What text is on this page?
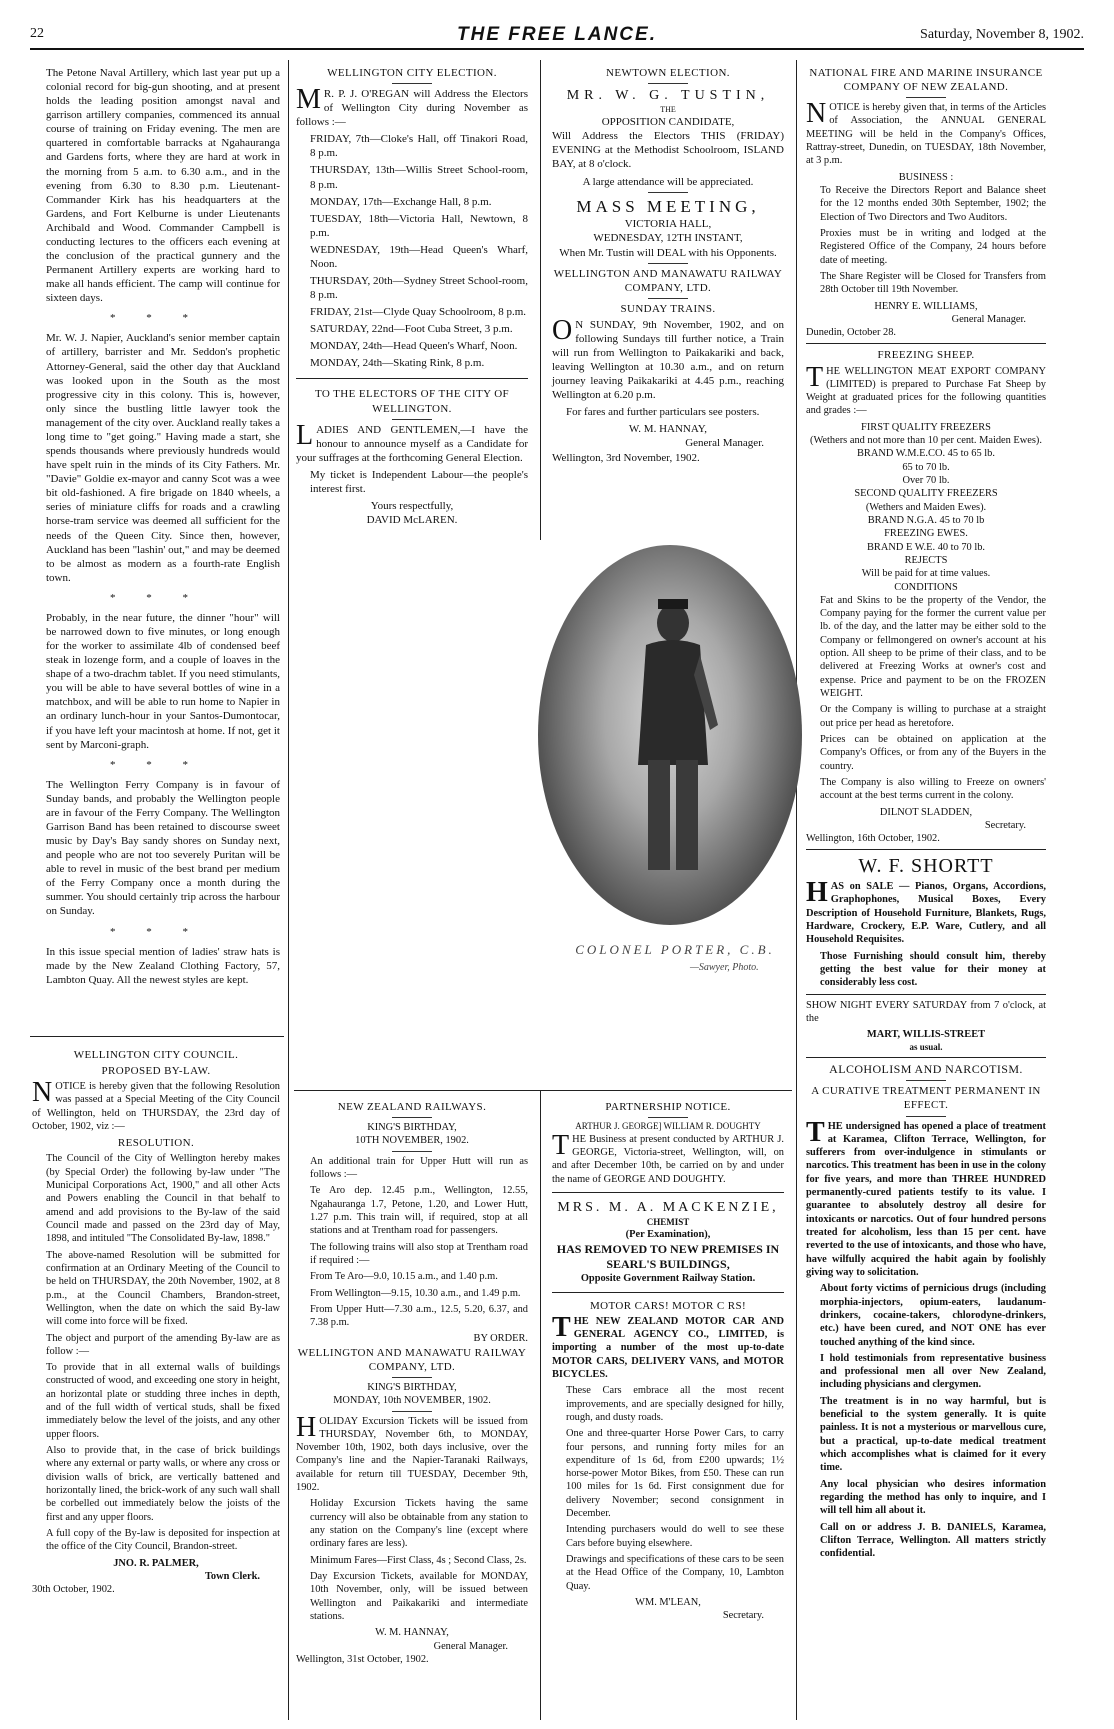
22	THE FREE LANCE.	Saturday, November 8, 1902.

The Petone Naval Artillery, which last year put up a colonial record for big-gun shooting, and at present holds the leading position amongst naval and garrison artillery companies, commenced its annual course of training on Friday evening. The men are quartered in comfortable barracks at Ngahauranga and Gardens forts, where they are hard at work in the morning from 5 a.m. to 6.30 a.m., and in the evening from 6.30 to 8.30 p.m. Lieutenant-Commander Kirk has his headquarters at the Gardens, and Fort Kelburne is under Lieutenants Archibald and Wood. Commander Campbell is conducting lectures to the officers each evening at the conclusion of the practical gunnery and the Permanent Artillery experts are working hard to make all hands efficient. The camp will continue for sixteen days.

* * *

Mr. W. J. Napier, Auckland's senior member captain of artillery, barrister and Mr. Seddon's prophetic Attorney-General, said the other day that Auckland was looked upon in the South as the most progressive city in this colony. This is, however, only since the bustling little lawyer took the management of the city over. Auckland really takes a long time to "get going." Having made a start, she spends thousands where previously hundreds would have spelt ruin in the minds of its City Fathers. Mr. "Davie" Goldie ex-mayor and canny Scot was a wee bit old-fashioned. A fire brigade on 1840 wheels, a series of miniature cliffs for roads and a crawling horse-tram service was deemed all sufficient for the needs of the Queen City. Since then, however, Auckland has been "lashin' out," and may be deemed to be almost as modern as a fourth-rate English town.

* * *

Probably, in the near future, the dinner "hour" will be narrowed down to five minutes, or long enough for the worker to assimilate 4lb of condensed beef steak in lozenge form, and a couple of loaves in the shape of a two-drachm tablet. If you need stimulants, you will be able to have several bottles of wine in a matchbox, and will be able to run home to Napier in an ordinary lunch-hour in your Santos-Dumontocar, if you have left your macintosh at home. If not, get it sent by Marconi-graph.

* * *

The Wellington Ferry Company is in favour of Sunday bands, and probably the Wellington people are in favour of the Ferry Company. The Wellington Garrison Band has been retained to discourse sweet music by Day's Bay sandy shores on Sunday next, and people who are not too severely Puritan will be able to revel in music of the best brand per medium of the Ferry Company once a month during the summer. You should certainly trip across the harbour on Sunday.

* * *

In this issue special mention of ladies' straw hats is made by the New Zealand Clothing Factory, 57, Lambton Quay. All the newest styles are kept.

WELLINGTON CITY COUNCIL.
PROPOSED BY-LAW.

NOTICE is hereby given that the following Resolution was passed at a Special Meeting of the City Council of Wellington, held on THURSDAY, the 23rd day of October, 1902, viz :—

RESOLUTION.

The Council of the City of Wellington hereby makes (by Special Order) the following by-law under "The Municipal Corporations Act, 1900," and all other Acts and Powers enabling the Council in that behalf to amend and add provisions to the By-law of the said Council made and passed on the 23rd day of May, 1898, and intituled "The Consolidated By-law, 1898."

The above-named Resolution will be submitted for confirmation at an Ordinary Meeting of the Council to be held on THURSDAY, the 20th November, 1902, at 8 p.m., at the Council Chambers, Brandon-street, Wellington, when the date on which the said By-law will come into force will be fixed.

The object and purport of the amending By-law are as follow :—

To provide that in all external walls of buildings constructed of wood, and exceeding one story in height, an horizontal plate or studding three inches in depth, and of the full width of vertical studs, shall be fixed immediately below the level of the joists, and any other upper floors.

Also to provide that, in the case of brick buildings where any external or party walls, or where any cross or division walls of brick, are vertically battened and horizontally lined, the brick-work of any such wall shall be corbelled out immediately below the joists of the first and any upper floors.

A full copy of the By-law is deposited for inspection at the office of the City Council, Brandon-street.

JNO. R. PALMER,
Town Clerk.
30th October, 1902.
WELLINGTON CITY ELECTION.

MR. P. J. O'REGAN will Address the Electors of Wellington City during November as follows :—

FRIDAY, 7th—Cloke's Hall, off Tinakori Road, 8 p.m.

THURSDAY, 13th—Willis Street School-room, 8 p.m.

MONDAY, 17th—Exchange Hall, 8 p.m.

TUESDAY, 18th—Victoria Hall, Newtown, 8 p.m.

WEDNESDAY, 19th—Head Queen's Wharf, Noon.

THURSDAY, 20th—Sydney Street School-room, 8 p.m.

FRIDAY, 21st—Clyde Quay Schoolroom, 8 p.m.

SATURDAY, 22nd—Foot Cuba Street, 3 p.m.

MONDAY, 24th—Head Queen's Wharf, Noon.

MONDAY, 24th—Skating Rink, 8 p.m.

TO THE ELECTORS OF THE CITY OF WELLINGTON.

LADIES AND GENTLEMEN,—I have the honour to announce myself as a Candidate for your suffrages at the forthcoming General Election.

My ticket is Independent Labour—the people's interest first.

Yours respectfully,
DAVID McLAREN.
NEWTOWN ELECTION.
MR. W. G. TUSTIN,
THE
OPPOSITION CANDIDATE,

Will Address the Electors THIS (FRIDAY) EVENING at the Methodist Schoolroom, ISLAND BAY, at 8 o'clock.

A large attendance will be appreciated.

MASS MEETING,
VICTORIA HALL,
WEDNESDAY, 12TH INSTANT,
When Mr. Tustin will DEAL with his Opponents.
WELLINGTON AND MANAWATU RAILWAY COMPANY, LTD.
SUNDAY TRAINS.

ON SUNDAY, 9th November, 1902, and on following Sundays till further notice, a Train will run from Wellington to Paikakariki and back, leaving Wellington at 10.30 a.m., and on return journey leaving Paikakariki at 4.45 p.m., reaching Wellington at 6.20 p.m.

For fares and further particulars see posters.

W. M. HANNAY,
General Manager.
Wellington, 3rd November, 1902.
COLONEL PORTER, C.B.
—Sawyer, Photo.
NEW ZEALAND RAILWAYS.
KING'S BIRTHDAY,
10TH NOVEMBER, 1902.

An additional train for Upper Hutt will run as follows :—

Te Aro dep. 12.45 p.m., Wellington, 12.55, Ngahauranga 1.7, Petone, 1.20, and Lower Hutt, 1.27 p.m. This train will, if required, stop at all stations and at Trentham road for passengers.

The following trains will also stop at Trentham road if required :—

From Te Aro—9.0, 10.15 a.m., and 1.40 p.m.

From Wellington—9.15, 10.30 a.m., and 1.49 p.m.

From Upper Hutt—7.30 a.m., 12.5, 5.20, 6.37, and 7.38 p.m.

BY ORDER.
WELLINGTON AND MANAWATU RAILWAY COMPANY, LTD.
KING'S BIRTHDAY,
MONDAY, 10th NOVEMBER, 1902.

HOLIDAY Excursion Tickets will be issued from THURSDAY, November 6th, to MONDAY, November 10th, 1902, both days inclusive, over the Company's line and the Napier-Taranaki Railways, available for return till TUESDAY, December 9th, 1902.

Holiday Excursion Tickets having the same currency will also be obtainable from any station to any station on the Company's line (except where ordinary fares are less).

Minimum Fares—First Class, 4s ; Second Class, 2s.

Day Excursion Tickets, available for MONDAY, 10th November, only, will be issued between Wellington and Paikakariki and intermediate stations.

W. M. HANNAY,
General Manager.
Wellington, 31st October, 1902.
PARTNERSHIP NOTICE.
ARTHUR J. GEORGE] WILLIAM R. DOUGHTY

THE Business at present conducted by ARTHUR J. GEORGE, Victoria-street, Wellington, will, on and after December 10th, be carried on by and under the name of GEORGE AND DOUGHTY.

MRS. M. A. MACKENZIE,
CHEMIST
(Per Examination),
HAS REMOVED TO NEW PREMISES IN SEARL'S BUILDINGS,
Opposite Government Railway Station.
MOTOR CARS! MOTOR C RS!

THE NEW ZEALAND MOTOR CAR AND GENERAL AGENCY CO., LIMITED, is importing a number of the most up-to-date MOTOR CARS, DELIVERY VANS, and MOTOR BICYCLES.

These Cars embrace all the most recent improvements, and are specially designed for hilly, rough, and dusty roads.

One and three-quarter Horse Power Cars, to carry four persons, and running forty miles for an expenditure of 1s 6d, from £200 upwards; 1½ horse-power Motor Bikes, from £50. These can run 100 miles for 1s 6d. First consignment due for delivery November; second consignment in December.

Intending purchasers would do well to see these Cars before buying elsewhere.

Drawings and specifications of these cars to be seen at the Head Office of the Company, 10, Lambton Quay.

WM. M'LEAN,
Secretary.
NATIONAL FIRE AND MARINE INSURANCE COMPANY OF NEW ZEALAND.

NOTICE is hereby given that, in terms of the Articles of Association, the ANNUAL GENERAL MEETING will be held in the Company's Offices, Rattray-street, Dunedin, on TUESDAY, 18th November, at 3 p.m.

BUSINESS :

To Receive the Directors Report and Balance sheet for the 12 months ended 30th September, 1902; the Election of Two Directors and Two Auditors.

Proxies must be in writing and lodged at the Registered Office of the Company, 24 hours before date of meeting.

The Share Register will be Closed for Transfers from 28th October till 19th November.

HENRY E. WILLIAMS,
General Manager.
Dunedin, October 28.
FREEZING SHEEP.

THE WELLINGTON MEAT EXPORT COMPANY (LIMITED) is prepared to Purchase Fat Sheep by Weight at graduated prices for the following quantities and grades :—

FIRST QUALITY FREEZERS
(Wethers and not more than 10 per cent. Maiden Ewes).
BRAND W.M.E.CO. 45 to 65 lb.
65 to 70 lb.
Over 70 lb.
SECOND QUALITY FREEZERS
(Wethers and Maiden Ewes).
BRAND N.G.A. 45 to 70 lb
FREEZING EWES.
BRAND E W.E. 40 to 70 lb.
REJECTS
Will be paid for at time values.
CONDITIONS

Fat and Skins to be the property of the Vendor, the Company paying for the former the current value per lb. of the day, and the latter may be either sold to the Company or fellmongered on owner's account at his option. All sheep to be prime of their class, and to be delivered at Freezing Works at owner's cost and expense. Price and payment to be on the FROZEN WEIGHT.

Or the Company is willing to purchase at a straight out price per head as heretofore.

Prices can be obtained on application at the Company's Offices, or from any of the Buyers in the country.

The Company is also willing to Freeze on owners' account at the best terms current in the colony.

DILNOT SLADDEN,
Secretary.
Wellington, 16th October, 1902.
W. F. SHORTT

HAS on SALE — Pianos, Organs, Accordions, Graphophones, Musical Boxes, Every Description of Household Furniture, Blankets, Rugs, Hardware, Crockery, E.P. Ware, Cutlery, and all Household Requisites.

Those Furnishing should consult him, thereby getting the best value for their money at considerably less cost.

SHOW NIGHT EVERY SATURDAY from 7 o'clock, at the

MART, WILLIS-STREET
as usual.
ALCOHOLISM AND NARCOTISM.
A CURATIVE TREATMENT PERMANENT IN EFFECT.

THE undersigned has opened a place of treatment at Karamea, Clifton Terrace, Wellington, for sufferers from over-indulgence in stimulants or narcotics. This treatment has been in use in the colony for five years, and more than THREE HUNDRED permanently-cured patients testify to its value. I guarantee to absolutely destroy all desire for intoxicants or narcotics. Out of four hundred persons treated for alcoholism, less than 15 per cent. have reverted to the use of intoxicants, and those who have, have wilfully acquired the habit again by foolishly giving way to solicitation.

About forty victims of pernicious drugs (including morphia-injectors, opium-eaters, laudanum-drinkers, cocaine-takers, chlorodyne-drinkers, etc.) have been cured, and NOT ONE has ever touched anything of the kind since.

I hold testimonials from representative business and professional men all over New Zealand, including physicians and clergymen.

The treatment is in no way harmful, but is beneficial to the system generally. It is quite painless. It is not a mysterious or marvellous cure, but a practical, up-to-date medical treatment which accomplishes what is claimed for it every time.

Any local physician who desires information regarding the method has only to inquire, and I will tell him all about it.

Call on or address J. B. DANIELS, Karamea, Clifton Terrace, Wellington. All matters strictly confidential.
